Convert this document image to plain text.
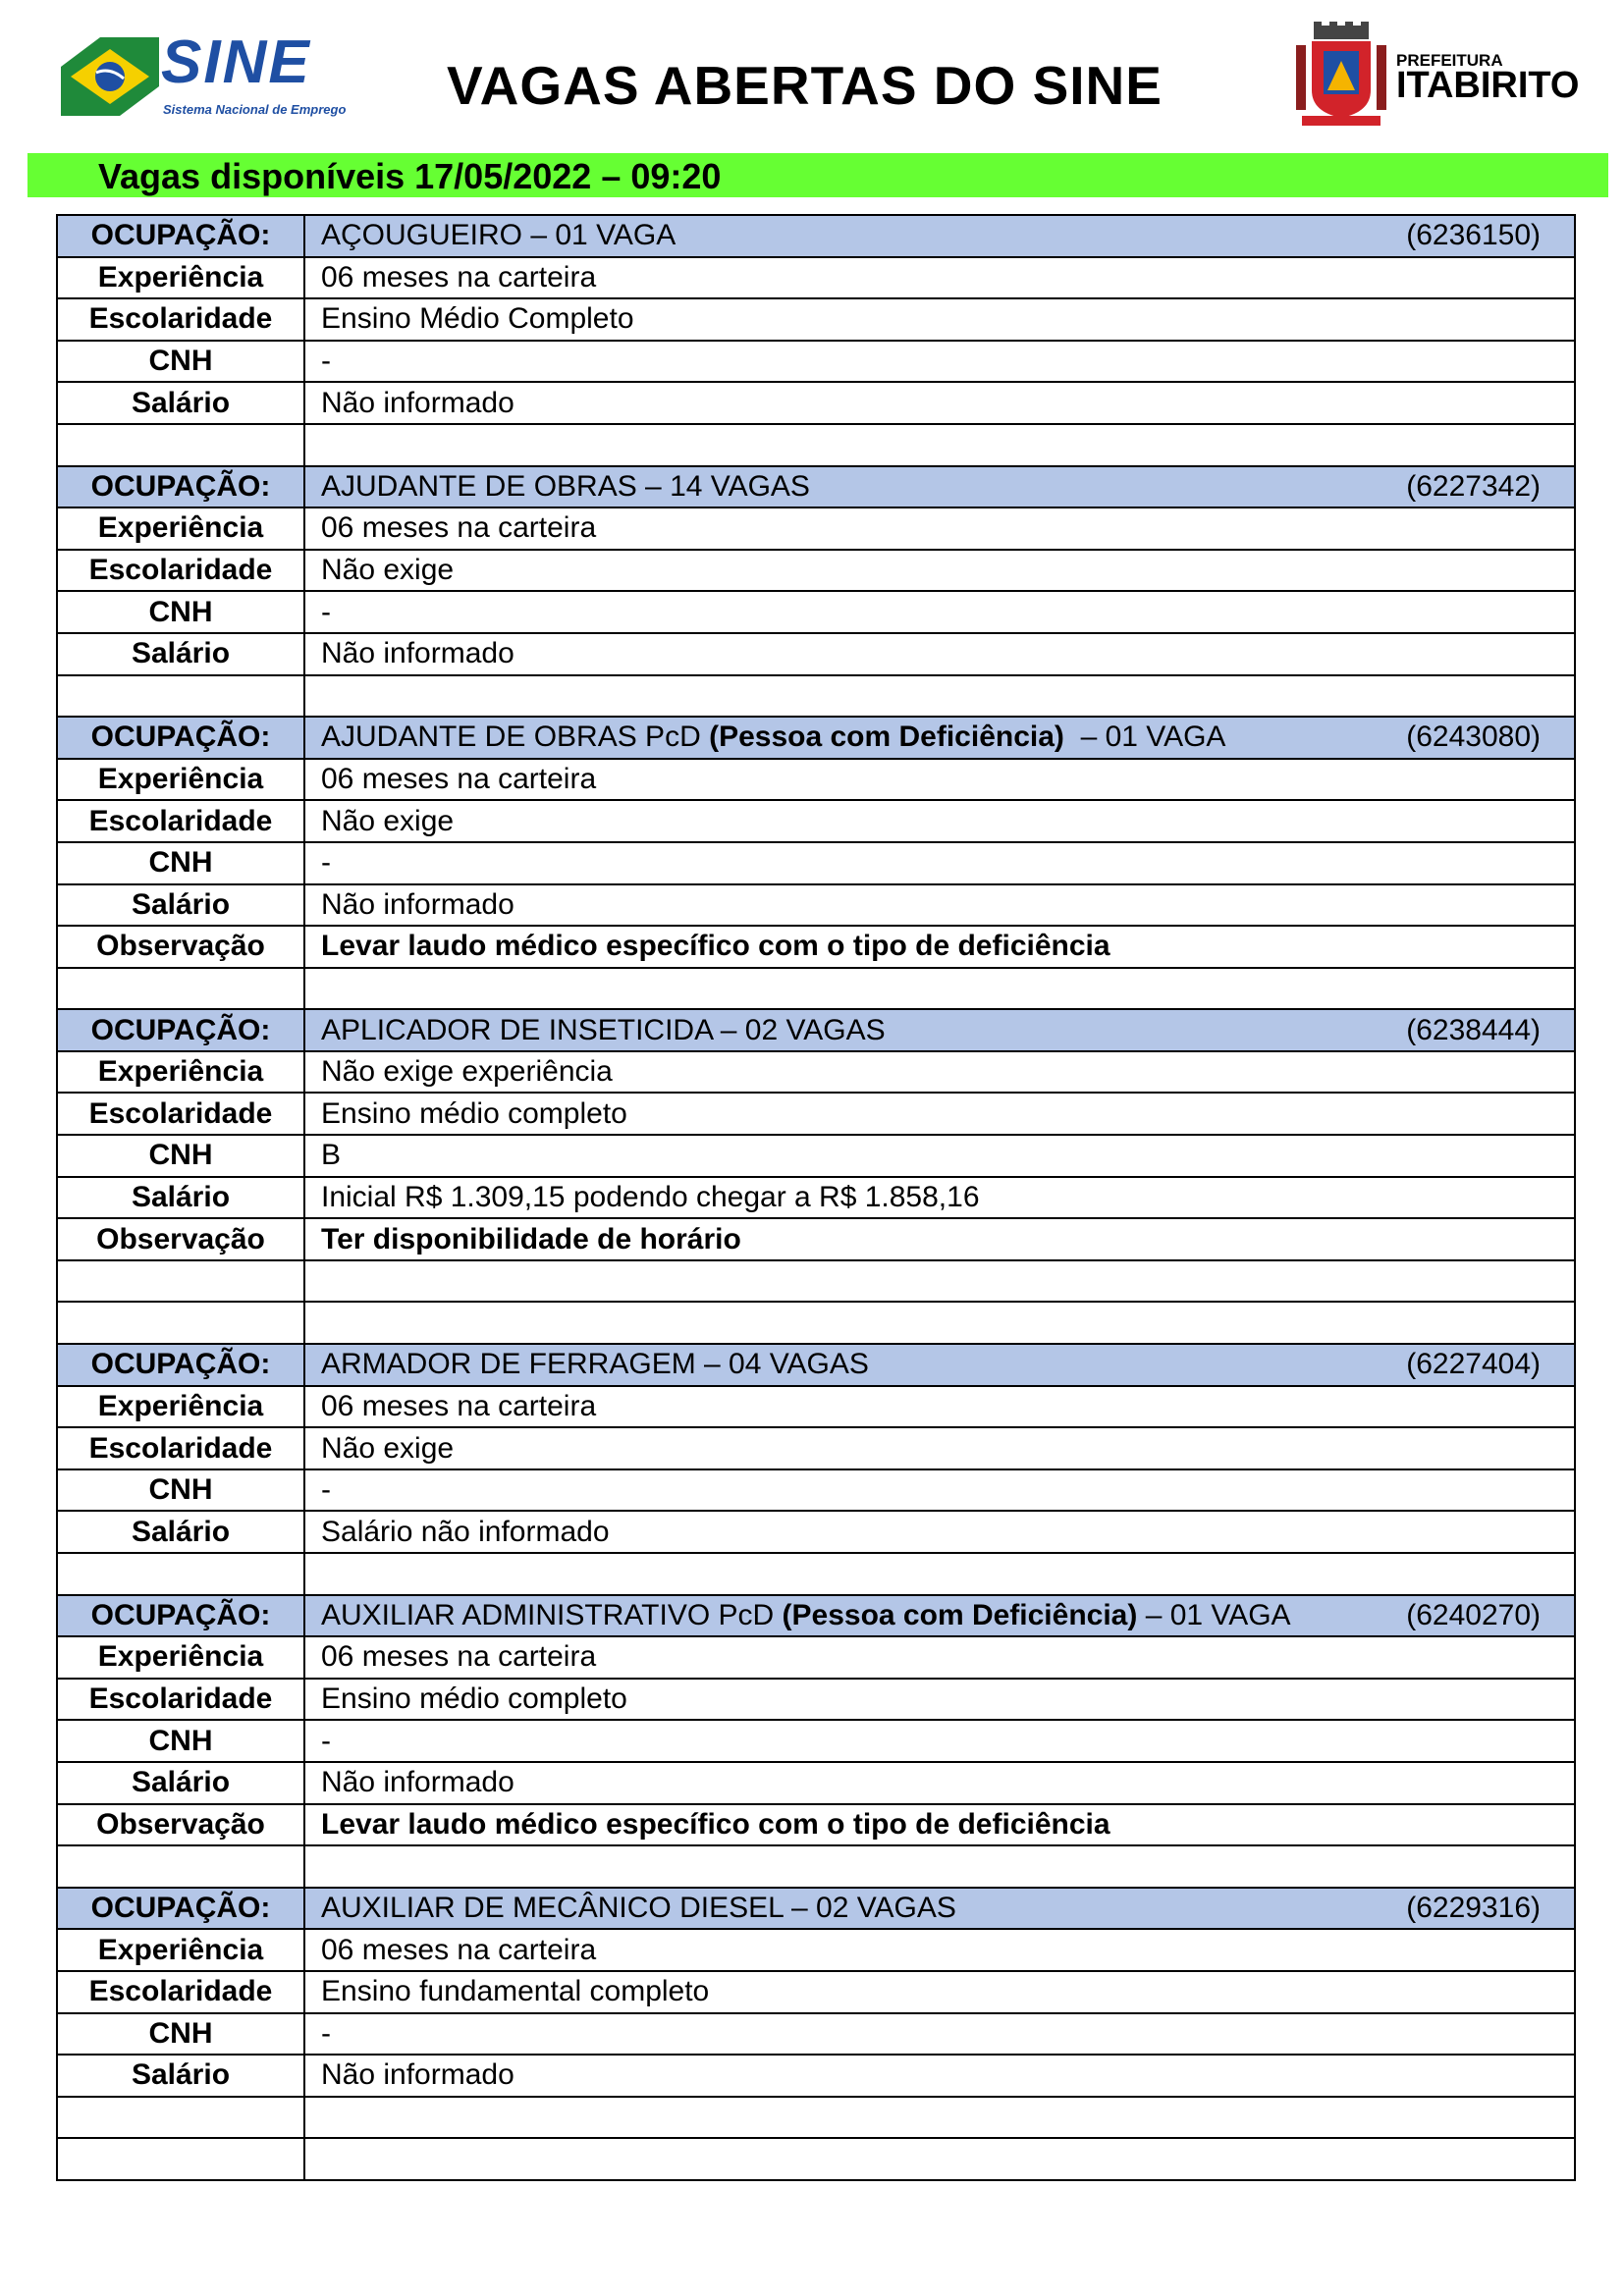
SINE
Sistema Nacional de Emprego VAGAS ABERTAS DO SINE	PREFEITURA
ITABIRITO
Vagas disponíveis 17/05/2022 – 09:20
OCUPAÇÃO:	AÇOUGUEIRO – 01 VAGA (6236150)

Experiência	06 meses na carteira
Escolaridade	Ensino Médio Completo
CNH	-
Salário	Não informado

OCUPAÇÃO:	AJUDANTE DE OBRAS – 14 VAGAS (6227342)

Experiência	06 meses na carteira
Escolaridade	Não exige
CNH	-
Salário	Não informado

OCUPAÇÃO:	AJUDANTE DE OBRAS PcD (Pessoa com Deficiência)  – 01 VAGA (6243080)

Experiência	06 meses na carteira
Escolaridade	Não exige
CNH	-
Salário	Não informado
Observação	Levar laudo médico específico com o tipo de deficiência

OCUPAÇÃO:	APLICADOR DE INSETICIDA – 02 VAGAS (6238444)

Experiência	Não exige experiência
Escolaridade	Ensino médio completo
CNH	B
Salário	Inicial R$ 1.309,15 podendo chegar a R$ 1.858,16
Observação	Ter disponibilidade de horário

OCUPAÇÃO:	ARMADOR DE FERRAGEM – 04 VAGAS (6227404)

Experiência	06 meses na carteira
Escolaridade	Não exige
CNH	-
Salário	Salário não informado

OCUPAÇÃO:	AUXILIAR ADMINISTRATIVO PcD (Pessoa com Deficiência) – 01 VAGA (6240270)

Experiência	06 meses na carteira
Escolaridade	Ensino médio completo
CNH	-
Salário	Não informado
Observação	Levar laudo médico específico com o tipo de deficiência

OCUPAÇÃO:	AUXILIAR DE MECÂNICO DIESEL – 02 VAGAS (6229316)

Experiência	06 meses na carteira
Escolaridade	Ensino fundamental completo
CNH	-
Salário	Não informado
